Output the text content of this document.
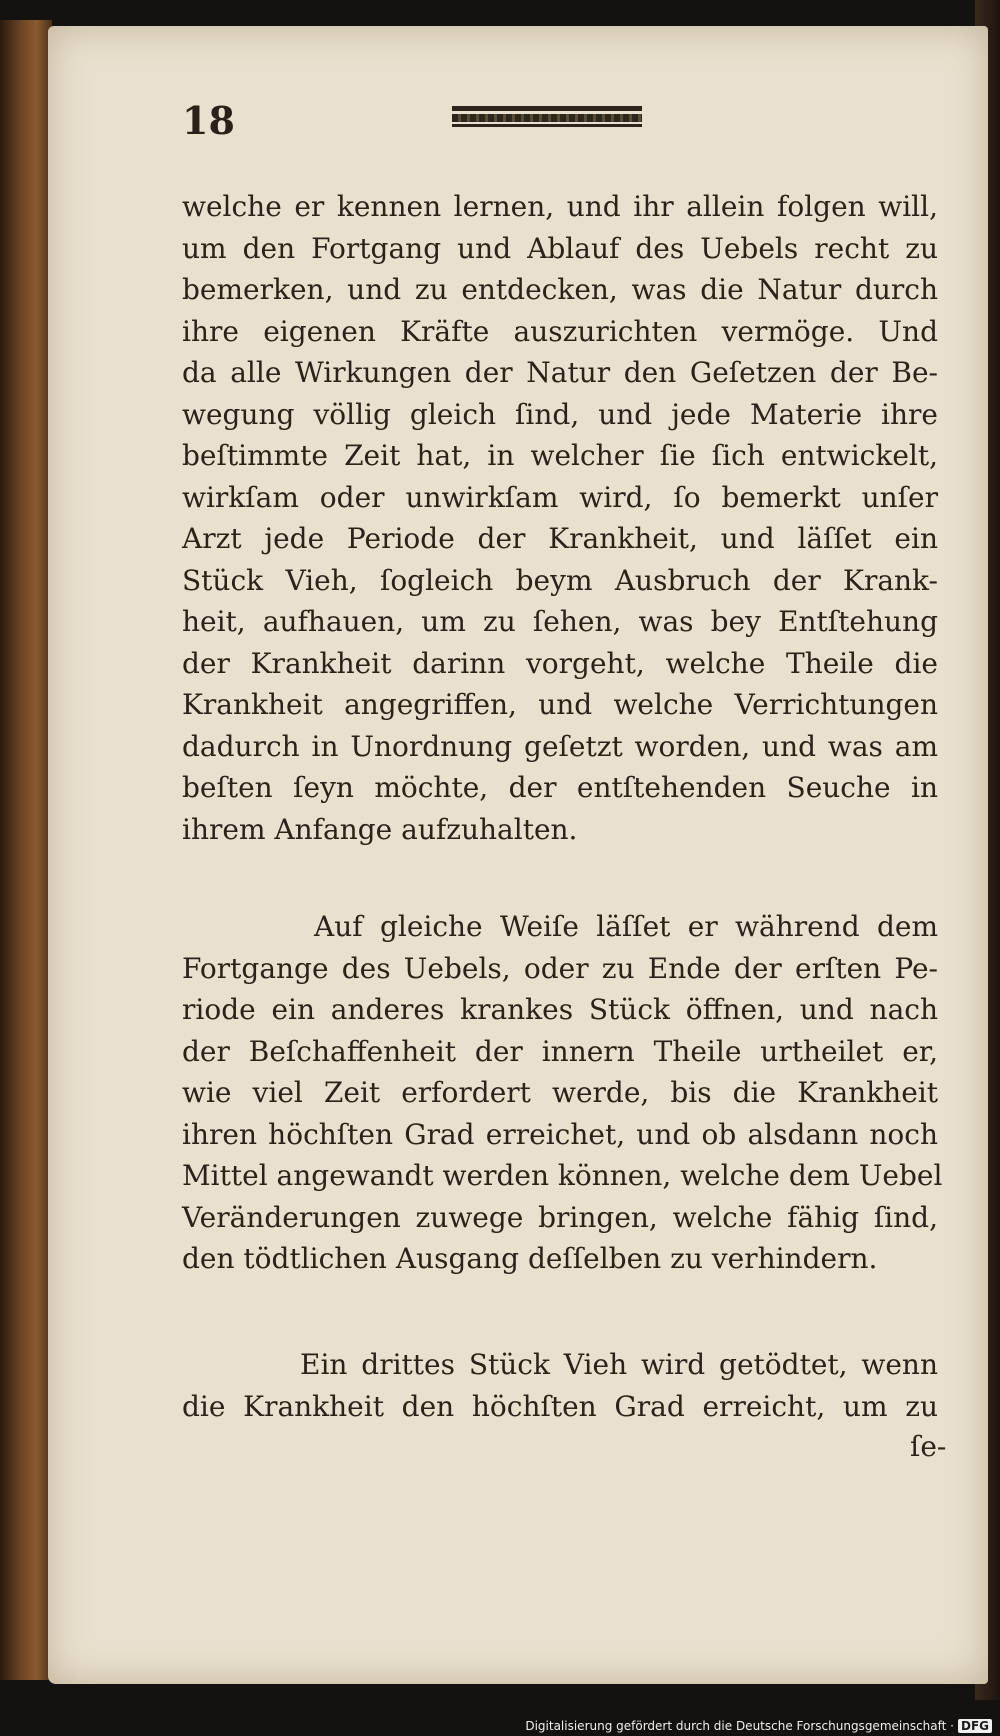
18
welche er kennen lernen, und ihr allein folgen will,
um den Fortgang und Ablauf des Uebels recht zu
bemerken, und zu entdecken, was die Natur durch
ihre eigenen Kräfte auszurichten vermöge. Und
da alle Wirkungen der Natur den Geſetzen der Be-
wegung völlig gleich ſind, und jede Materie ihre
beſtimmte Zeit hat, in welcher ſie ſich entwickelt,
wirkſam oder unwirkſam wird, ſo bemerkt unſer
Arzt jede Periode der Krankheit, und läſſet ein
Stück Vieh, ſogleich beym Ausbruch der Krank-
heit, aufhauen, um zu ſehen, was bey Entſtehung
der Krankheit darinn vorgeht, welche Theile die
Krankheit angegriffen, und welche Verrichtungen
dadurch in Unordnung geſetzt worden, und was am
beſten ſeyn möchte, der entſtehenden Seuche in
ihrem Anfange aufzuhalten.
Auf gleiche Weiſe läſſet er während dem
Fortgange des Uebels, oder zu Ende der erſten Pe-
riode ein anderes krankes Stück öffnen, und nach
der Beſchaffenheit der innern Theile urtheilet er,
wie viel Zeit erfordert werde, bis die Krankheit
ihren höchſten Grad erreichet, und ob alsdann noch
Mittel angewandt werden können, welche dem Uebel
Veränderungen zuwege bringen, welche fähig ſind,
den tödtlichen Ausgang deſſelben zu verhindern.
Ein drittes Stück Vieh wird getödtet, wenn
die Krankheit den höchſten Grad erreicht, um zu
ſe-
Digitalisierung gefördert durch die Deutsche Forschungsgemeinschaft · DFG
